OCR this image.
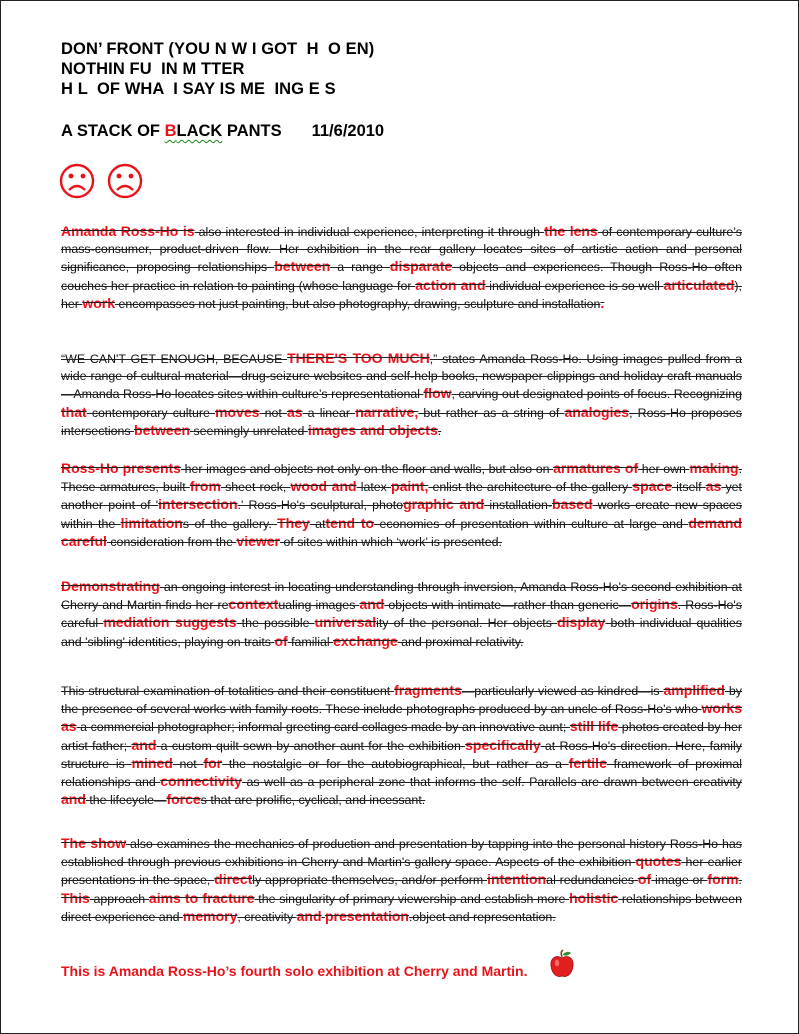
DON’ FRONT (YOU N W I GOT  H  O EN)
NOTHIN FU  IN M TTER
H L  OF WHA  I SAY IS ME  ING E S
A STACK OF BLACK PANTS 11/6/2010

Amanda Ross-Ho is also interested in individual experience, interpreting it through the lens of contemporary culture’s mass-consumer, product-driven flow. Her exhibition in the rear gallery locates sites of artistic action and personal significance, proposing relationships between a range disparate objects and experiences. Though Ross-Ho often couches her practice in relation to painting (whose language for action and individual experience is so well articulated), her work encompasses not just painting, but also photography, drawing, sculpture and installation.
“WE CAN'T GET ENOUGH, BECAUSE THERE'S TOO MUCH,” states Amanda Ross-Ho. Using images pulled from a wide range of cultural material—drug-seizure websites and self-help books, newspaper clippings and holiday craft manuals—Amanda Ross-Ho locates sites within culture’s representational flow, carving out designated points of focus. Recognizing that contemporary culture moves not as a linear narrative, but rather as a string of analogies, Ross-Ho proposes intersections between seemingly unrelated images and objects.
Ross-Ho presents her images and objects not only on the floor and walls, but also on armatures of her own making. These armatures, built from sheet rock, wood and latex paint, enlist the architecture of the gallery space itself as yet another point of 'intersection.' Ross-Ho's sculptural, photographic and installation-based works create new spaces within the limitations of the gallery. They attend to economies of presentation within culture at large and demand careful consideration from the viewer of sites within which ‘work’ is presented.
Demonstrating an ongoing interest in locating understanding through inversion, Amanda Ross-Ho's second exhibition at Cherry and Martin finds her recontextualing images and objects with intimate—rather than generic—origins. Ross-Ho's careful mediation suggests the possible universality of the personal. Her objects display both individual qualities and 'sibling' identities, playing on traits of familial exchange and proximal relativity.
This structural examination of totalities and their constituent fragments—particularly viewed as kindred—is amplified by the presence of several works with family roots. These include photographs produced by an uncle of Ross-Ho's who works as a commercial photographer; informal greeting card collages made by an innovative aunt; still life photos created by her artist father; and a custom quilt sewn by another aunt for the exhibition specifically at Ross-Ho's direction. Here, family structure is mined not for the nostalgic or for the autobiographical, but rather as a fertile framework of proximal relationships and connectivity as well as a peripheral zone that informs the self. Parallels are drawn between creativity and the lifecycle—forces that are prolific, cyclical, and incessant.
The show also examines the mechanics of production and presentation by tapping into the personal history Ross-Ho has established through previous exhibitions in Cherry and Martin's gallery space. Aspects of the exhibition quotes her earlier presentations in the space, directly appropriate themselves, and/or perform intentional redundancies of image or form. This approach aims to fracture the singularity of primary viewership and establish more holistic relationships between direct experience and memory, creativity and presentation.object and representation.
This is Amanda Ross-Ho’s fourth solo exhibition at Cherry and Martin.
